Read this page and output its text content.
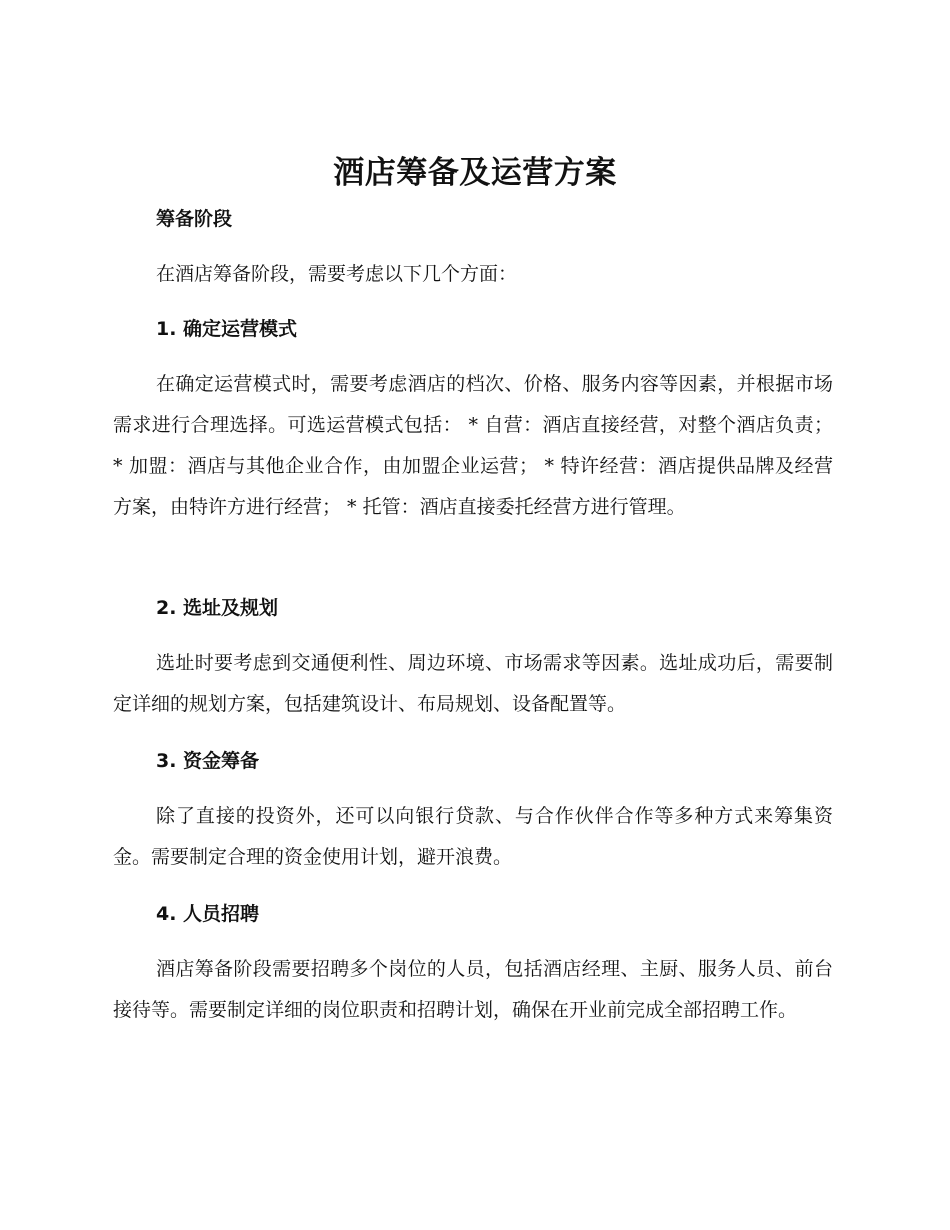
酒店筹备及运营方案
筹备阶段

在酒店筹备阶段，需要考虑以下几个方面：

1. 确定运营模式

在确定运营模式时，需要考虑酒店的档次、价格、服务内容等因素，并根据市场需求进行合理选择。可选运营模式包括： * 自营：酒店直接经营，对整个酒店负责； * 加盟：酒店与其他企业合作，由加盟企业运营； * 特许经营：酒店提供品牌及经营方案，由特许方进行经营； * 托管：酒店直接委托经营方进行管理。

2. 选址及规划

选址时要考虑到交通便利性、周边环境、市场需求等因素。选址成功后，需要制定详细的规划方案，包括建筑设计、布局规划、设备配置等。

3. 资金筹备

除了直接的投资外，还可以向银行贷款、与合作伙伴合作等多种方式来筹集资金。需要制定合理的资金使用计划，避开浪费。

4. 人员招聘

酒店筹备阶段需要招聘多个岗位的人员，包括酒店经理、主厨、服务人员、前台接待等。需要制定详细的岗位职责和招聘计划，确保在开业前完成全部招聘工作。
